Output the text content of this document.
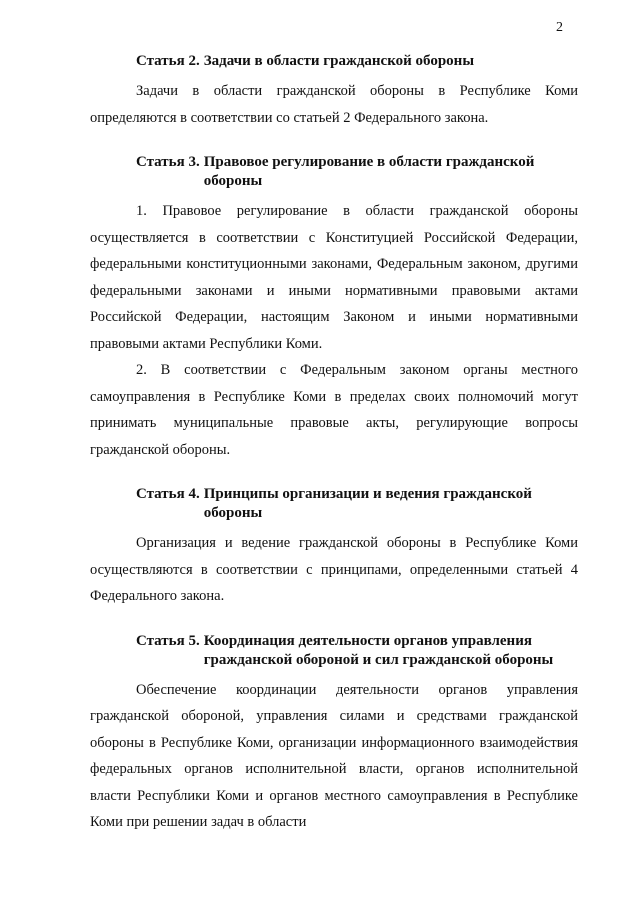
2
Статья 2. Задачи в области гражданской обороны

Задачи в области гражданской обороны в Республике Коми определяются в соответствии со статьей 2 Федерального закона.

Статья 3. Правовое регулирование в области гражданской обороны

1. Правовое регулирование в области гражданской обороны осуществляется в соответствии с Конституцией Российской Федерации, федеральными конституционными законами, Федеральным законом, другими федеральными законами и иными нормативными правовыми актами Российской Федерации, настоящим Законом и иными нормативными правовыми актами Республики Коми.

2. В соответствии с Федеральным законом органы местного самоуправления в Республике Коми в пределах своих полномочий могут принимать муниципальные правовые акты, регулирующие вопросы гражданской обороны.

Статья 4. Принципы организации и ведения гражданской обороны

Организация и ведение гражданской обороны в Республике Коми осуществляются в соответствии с принципами, определенными статьей 4 Федерального закона.

Статья 5. Координация деятельности органов управления гражданской обороной и сил гражданской обороны

Обеспечение координации деятельности органов управления гражданской обороной, управления силами и средствами гражданской обороны в Республике Коми, организации информационного взаимодействия федеральных органов исполнительной власти, органов исполнительной власти Республики Коми и органов местного самоуправления в Республике Коми при решении задач в области
